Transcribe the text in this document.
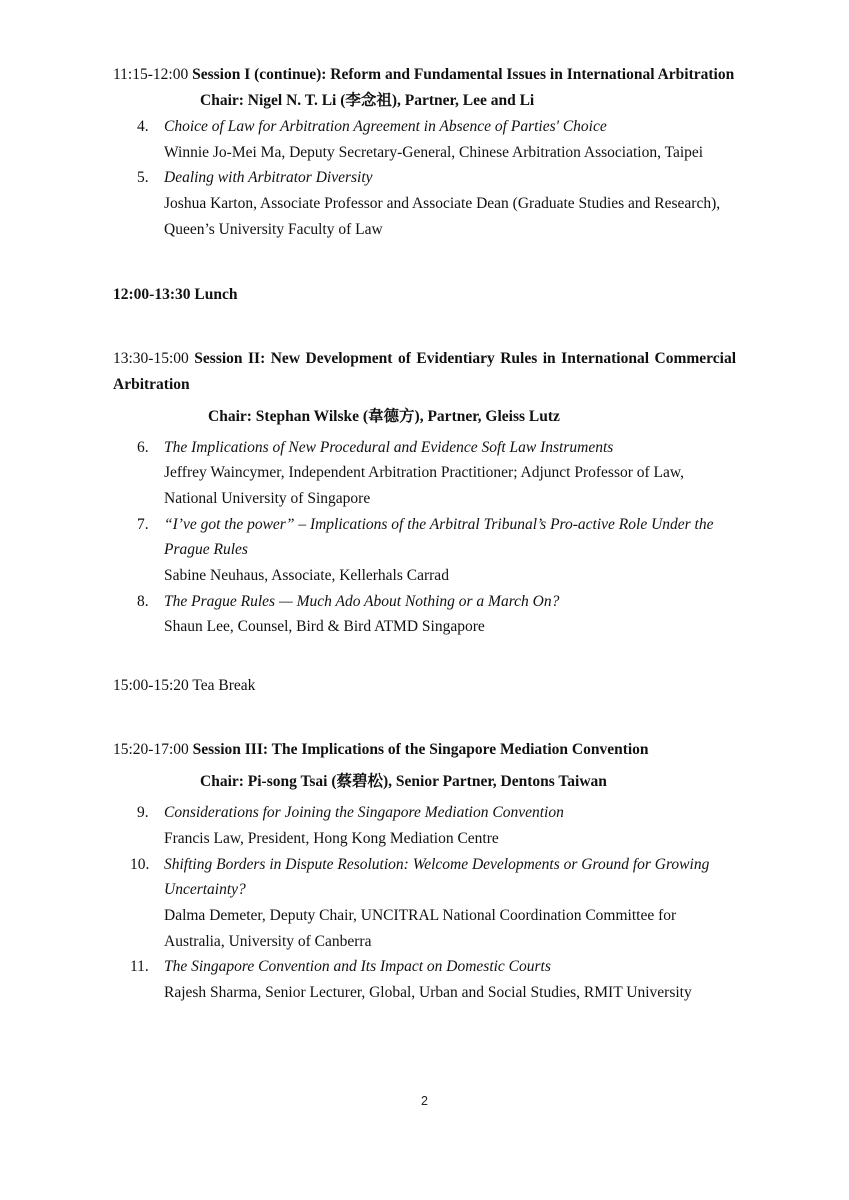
11:15-12:00 Session I (continue): Reform and Fundamental Issues in International Arbitration

Chair: Nigel N. T. Li (李念祖), Partner, Lee and Li

4. Choice of Law for Arbitration Agreement in Absence of Parties' Choice
Winnie Jo-Mei Ma, Deputy Secretary-General, Chinese Arbitration Association, Taipei
5. Dealing with Arbitrator Diversity
Joshua Karton, Associate Professor and Associate Dean (Graduate Studies and Research), Queen’s University Faculty of Law

12:00-13:30 Lunch

13:30-15:00 Session II: New Development of Evidentiary Rules in International Commercial Arbitration

Chair: Stephan Wilske (韋德方), Partner, Gleiss Lutz

6. The Implications of New Procedural and Evidence Soft Law Instruments
Jeffrey Waincymer, Independent Arbitration Practitioner; Adjunct Professor of Law, National University of Singapore
7. “I’ve got the power” – Implications of the Arbitral Tribunal’s Pro-active Role Under the Prague Rules
Sabine Neuhaus, Associate, Kellerhals Carrad
8. The Prague Rules — Much Ado About Nothing or a March On?
Shaun Lee, Counsel, Bird & Bird ATMD Singapore

15:00-15:20 Tea Break

15:20-17:00 Session III: The Implications of the Singapore Mediation Convention

Chair: Pi-song Tsai (蔡碧松), Senior Partner, Dentons Taiwan

9. Considerations for Joining the Singapore Mediation Convention
Francis Law, President, Hong Kong Mediation Centre
10. Shifting Borders in Dispute Resolution: Welcome Developments or Ground for Growing Uncertainty?
Dalma Demeter, Deputy Chair, UNCITRAL National Coordination Committee for Australia, University of Canberra
11. The Singapore Convention and Its Impact on Domestic Courts
Rajesh Sharma, Senior Lecturer, Global, Urban and Social Studies, RMIT University
2
